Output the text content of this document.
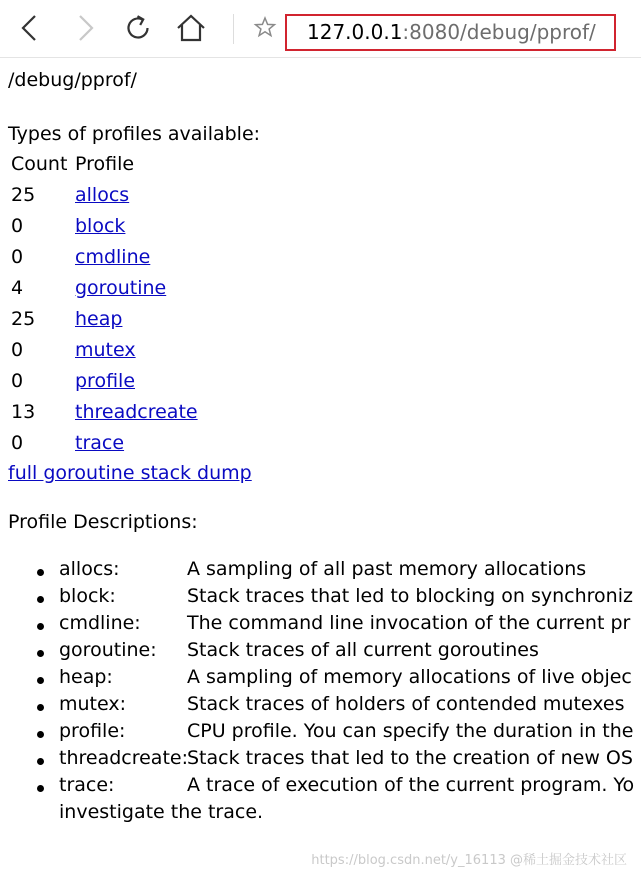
127.0.0.1:8080/debug/pprof/
/debug/pprof/
Types of profiles available:
Count Profile
25 allocs
0	block
0	cmdline
4	goroutine
25 heap
0	mutex
0	profile
13 threadcreate
0	trace
full goroutine stack dump
Profile Descriptions:
allocs:	A sampling of all past memory allocations
block:	Stack traces that led to blocking on synchroniz
cmdline: The command line invocation of the current pr
goroutine: Stack traces of all current goroutines
heap:	A sampling of memory allocations of live objec
mutex:	Stack traces of holders of contended mutexes
profile:	CPU profile. You can specify the duration in the
threadcreate: Stack traces that led to the creation of new OS
trace:	A trace of execution of the current program. Yo
investigate the trace.
https://blog.csdn.net/y_16113 @稀土掘金技术社区
